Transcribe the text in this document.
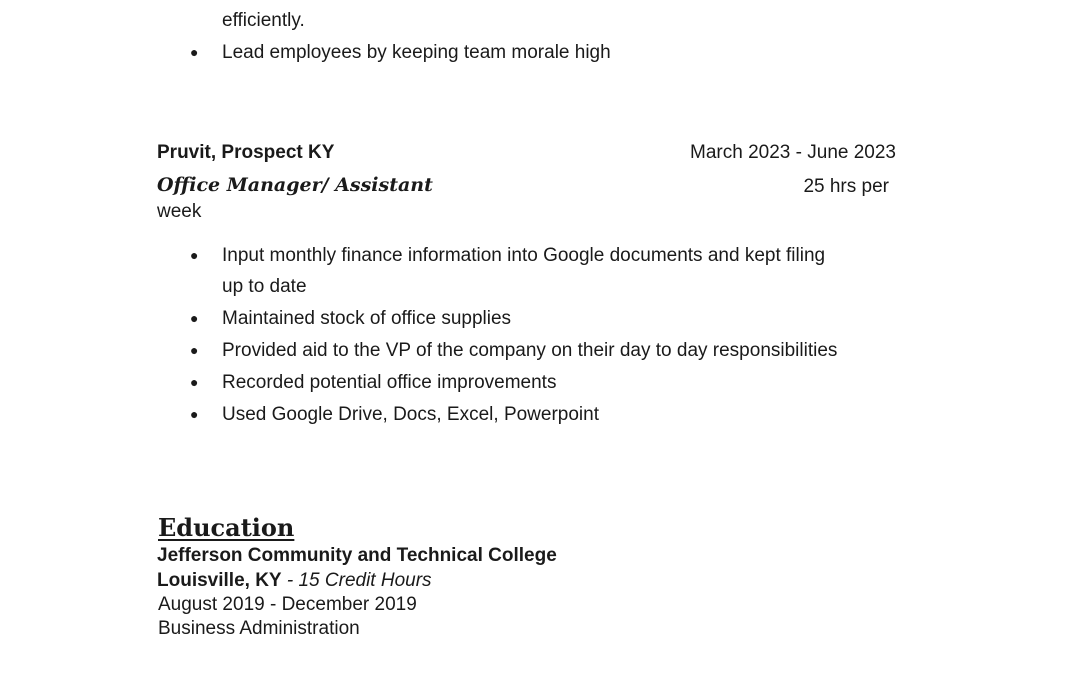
efficiently.
● Lead employees by keeping team morale high
Pruvit, Prospect KY	March 2023 - June 2023
Office Manager/ Assistant	25 hrs per
week
● Input monthly finance information into Google documents and kept filing
up to date
● Maintained stock of office supplies
● Provided aid to the VP of the company on their day to day responsibilities
● Recorded potential office improvements
● Used Google Drive, Docs, Excel, Powerpoint
Education
Jefferson Community and Technical College
Louisville, KY - 15 Credit Hours
August 2019 - December 2019
Business Administration
